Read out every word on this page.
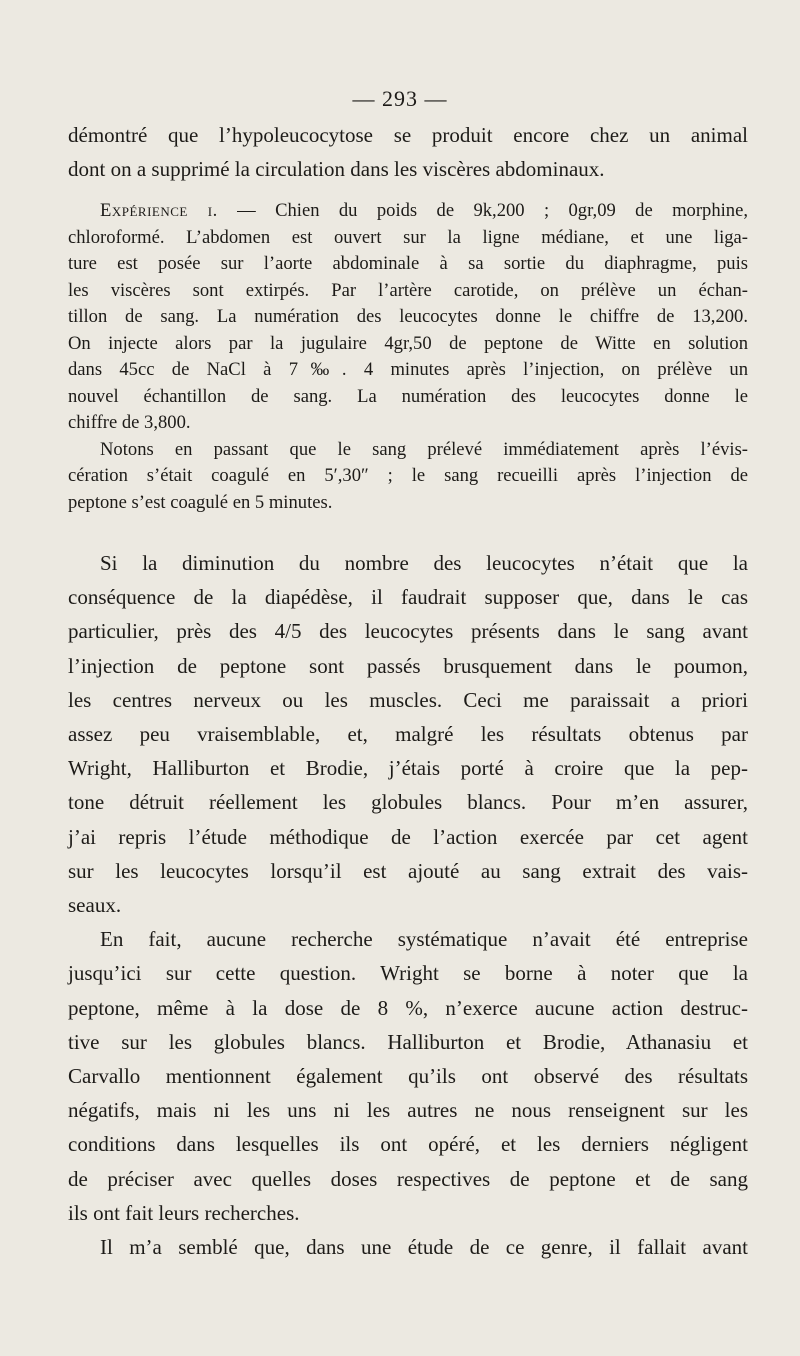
— 293 —
démontré que l’hypoleucocytose se produit encore chez un animal
dont on a supprimé la circulation dans les viscères abdominaux.
Expérience i. — Chien du poids de 9k,200 ; 0gr,09 de morphine,
chloroformé. L’abdomen est ouvert sur la ligne médiane, et une liga-
ture est posée sur l’aorte abdominale à sa sortie du diaphragme, puis
les viscères sont extirpés. Par l’artère carotide, on prélève un échan-
tillon de sang. La numération des leucocytes donne le chiffre de 13,200.
On injecte alors par la jugulaire 4gr,50 de peptone de Witte en solution
dans 45cc de NaCl à 7‰. 4 minutes après l’injection, on prélève un
nouvel échantillon de sang. La numération des leucocytes donne le
chiffre de 3,800.
Notons en passant que le sang prélevé immédiatement après l’évis-
cération s’était coagulé en 5′,30″ ; le sang recueilli après l’injection de
peptone s’est coagulé en 5 minutes.
Si la diminution du nombre des leucocytes n’était que la
conséquence de la diapédèse, il faudrait supposer que, dans le cas
particulier, près des 4/5 des leucocytes présents dans le sang avant
l’injection de peptone sont passés brusquement dans le poumon,
les centres nerveux ou les muscles. Ceci me paraissait a priori
assez peu vraisemblable, et, malgré les résultats obtenus par
Wright, Halliburton et Brodie, j’étais porté à croire que la pep-
tone détruit réellement les globules blancs. Pour m’en assurer,
j’ai repris l’étude méthodique de l’action exercée par cet agent
sur les leucocytes lorsqu’il est ajouté au sang extrait des vais-
seaux.
En fait, aucune recherche systématique n’avait été entreprise
jusqu’ici sur cette question. Wright se borne à noter que la
peptone, même à la dose de 8 %, n’exerce aucune action destruc-
tive sur les globules blancs. Halliburton et Brodie, Athanasiu et
Carvallo mentionnent également qu’ils ont observé des résultats
négatifs, mais ni les uns ni les autres ne nous renseignent sur les
conditions dans lesquelles ils ont opéré, et les derniers négligent
de préciser avec quelles doses respectives de peptone et de sang
ils ont fait leurs recherches.
Il m’a semblé que, dans une étude de ce genre, il fallait avant
